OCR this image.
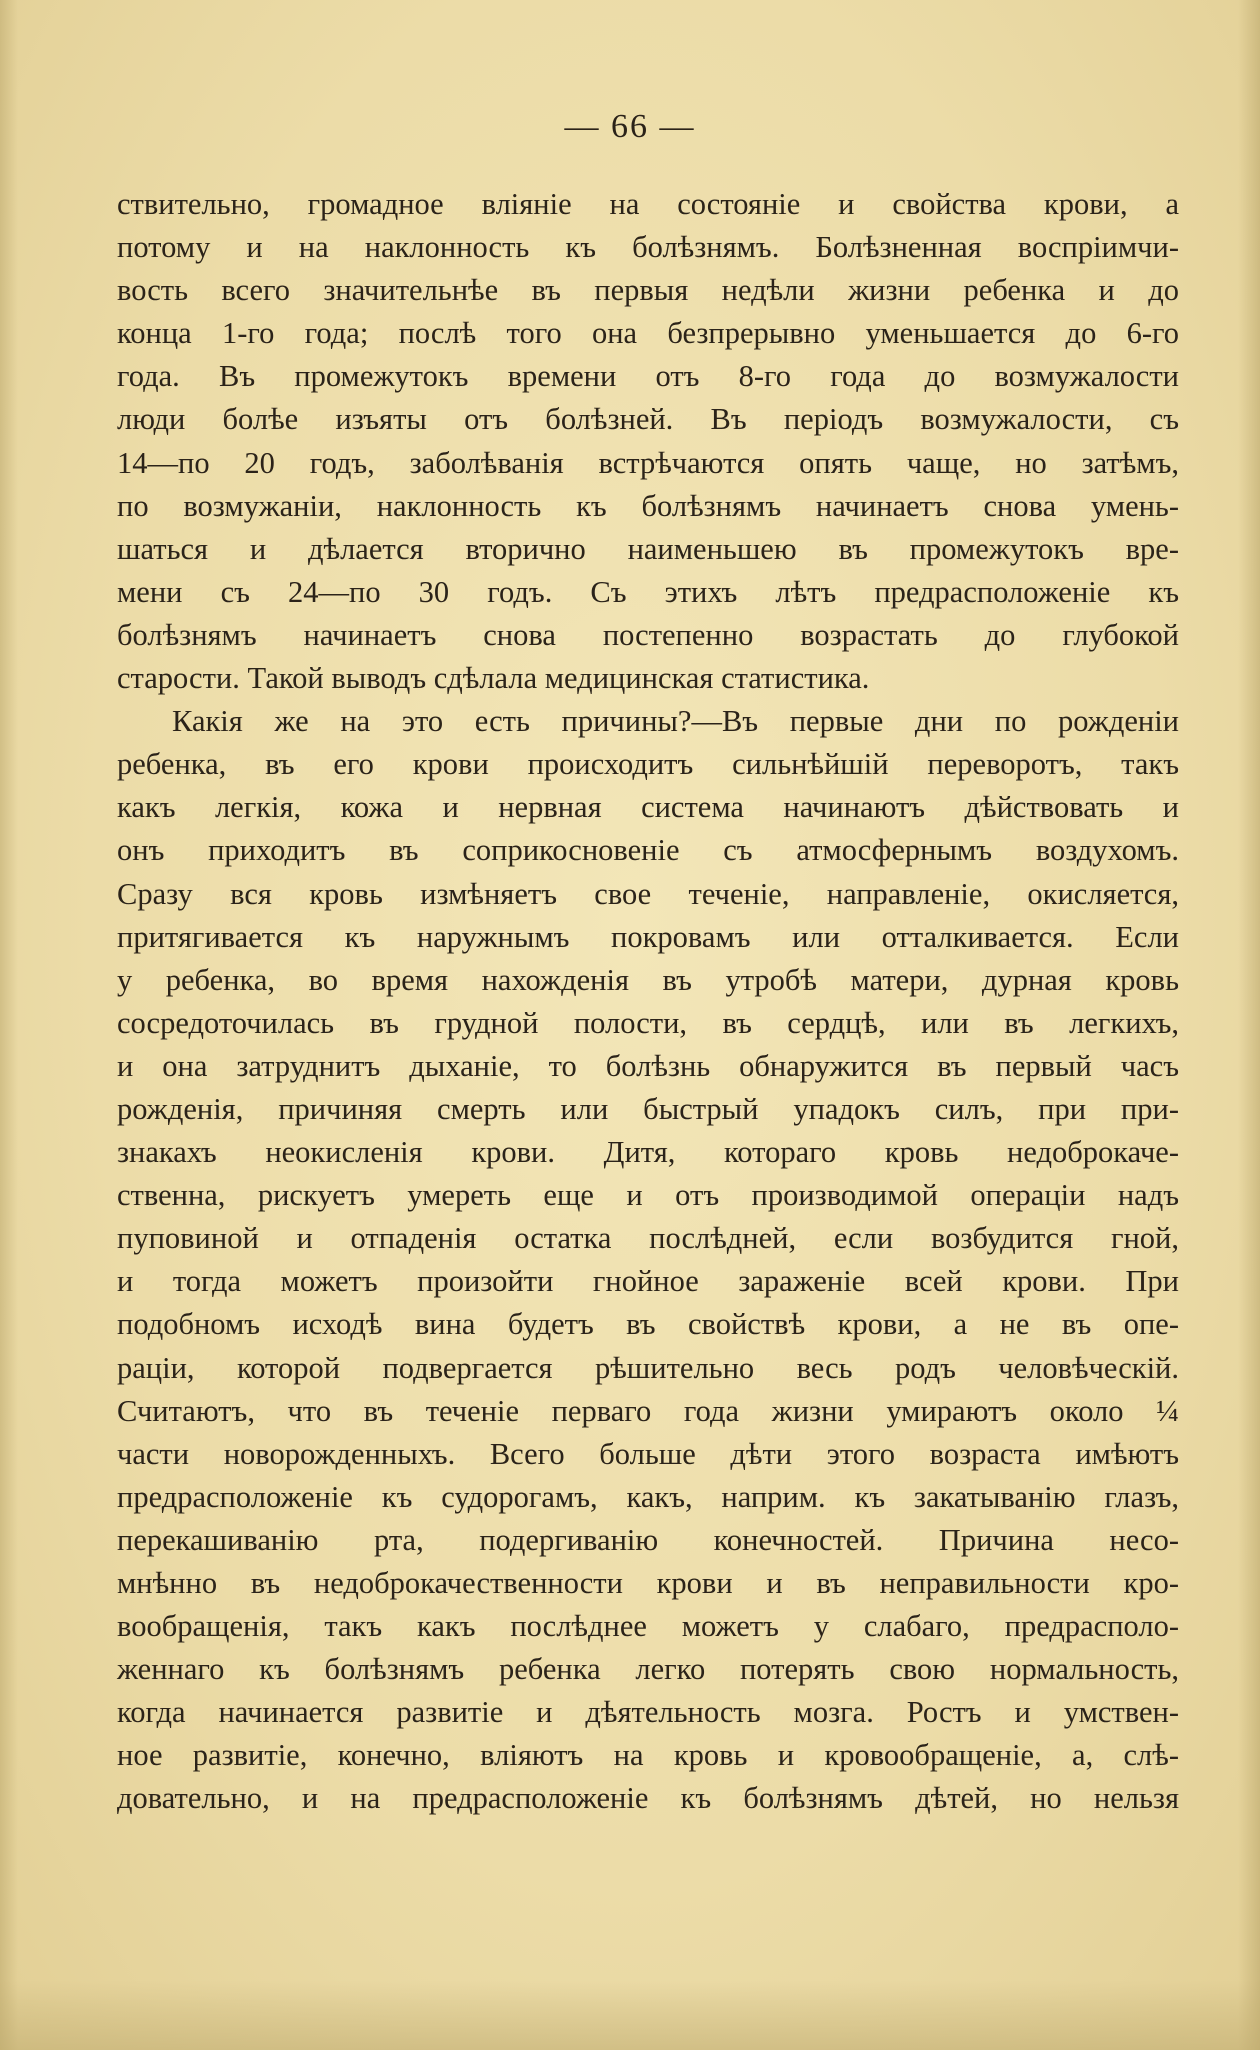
— 66 —

ствительно, громадное вліяніе на состояніе и свойства крови, а
потому и на наклонность къ болѣзнямъ. Болѣзненная воспріимчи-
вость всего значительнѣе въ первыя недѣли жизни ребенка и до
конца 1-го года; послѣ того она безпрерывно уменьшается до 6-го
года. Въ промежутокъ времени отъ 8-го года до возмужалости
люди болѣе изъяты отъ болѣзней. Въ періодъ возмужалости, съ
14—по 20 годъ, заболѣванія встрѣчаются опять чаще, но затѣмъ,
по возмужаніи, наклонность къ болѣзнямъ начинаетъ снова умень-
шаться и дѣлается вторично наименьшею въ промежутокъ вре-
мени съ 24—по 30 годъ. Съ этихъ лѣтъ предрасположеніе къ
болѣзнямъ начинаетъ снова постепенно возрастать до глубокой
старости. Такой выводъ сдѣлала медицинская статистика.

Какія же на это есть причины?—Въ первые дни по рожденіи
ребенка, въ его крови происходитъ сильнѣйшій переворотъ, такъ
какъ легкія, кожа и нервная система начинаютъ дѣйствовать и
онъ приходитъ въ соприкосновеніе съ атмосфернымъ воздухомъ.
Сразу вся кровь измѣняетъ свое теченіе, направленіе, окисляется,
притягивается къ наружнымъ покровамъ или отталкивается. Если
у ребенка, во время нахожденія въ утробѣ матери, дурная кровь
сосредоточилась въ грудной полости, въ сердцѣ, или въ легкихъ,
и она затруднитъ дыханіе, то болѣзнь обнаружится въ первый часъ
рожденія, причиняя смерть или быстрый упадокъ силъ, при при-
знакахъ неокисленія крови. Дитя, котораго кровь недоброкаче-
ственна, рискуетъ умереть еще и отъ производимой операціи надъ
пуповиной и отпаденія остатка послѣдней, если возбудится гной,
и тогда можетъ произойти гнойное зараженіе всей крови. При
подобномъ исходѣ вина будетъ въ свойствѣ крови, а не въ опе-
раціи, которой подвергается рѣшительно весь родъ человѣческій.
Считаютъ, что въ теченіе перваго года жизни умираютъ около ¼
части новорожденныхъ. Всего больше дѣти этого возраста имѣютъ
предрасположеніе къ судорогамъ, какъ, наприм. къ закатыванію глазъ,
перекашиванію рта, подергиванію конечностей. Причина несо-
мнѣнно въ недоброкачественности крови и въ неправильности кро-
вообращенія, такъ какъ послѣднее можетъ у слабаго, предрасполо-
женнаго къ болѣзнямъ ребенка легко потерять свою нормальность,
когда начинается развитіе и дѣятельность мозга. Ростъ и умствен-
ное развитіе, конечно, вліяютъ на кровь и кровообращеніе, а, слѣ-
довательно, и на предрасположеніе къ болѣзнямъ дѣтей, но нельзя
